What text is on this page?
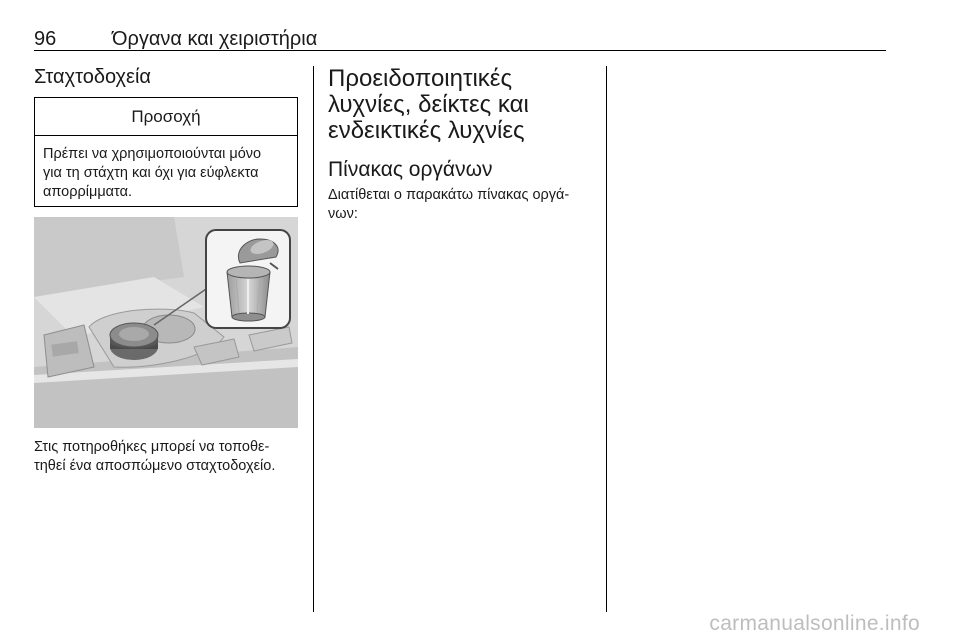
96	Όργανα και χειριστήρια
Σταχτοδοχεία
Προσοχή
Πρέπει να χρησιμοποιούνται μόνο
για τη στάχτη και όχι για εύφλεκτα
απορρίμματα.
Στις ποτηροθήκες μπορεί να τοποθε‐
τηθεί ένα αποσπώμενο σταχτοδοχείο.
Προειδοποιητικές
λυχνίες, δείκτες και
ενδεικτικές λυχνίες
Πίνακας οργάνων
Διατίθεται ο παρακάτω πίνακας οργά‐
νων:
carmanualsonline.info
